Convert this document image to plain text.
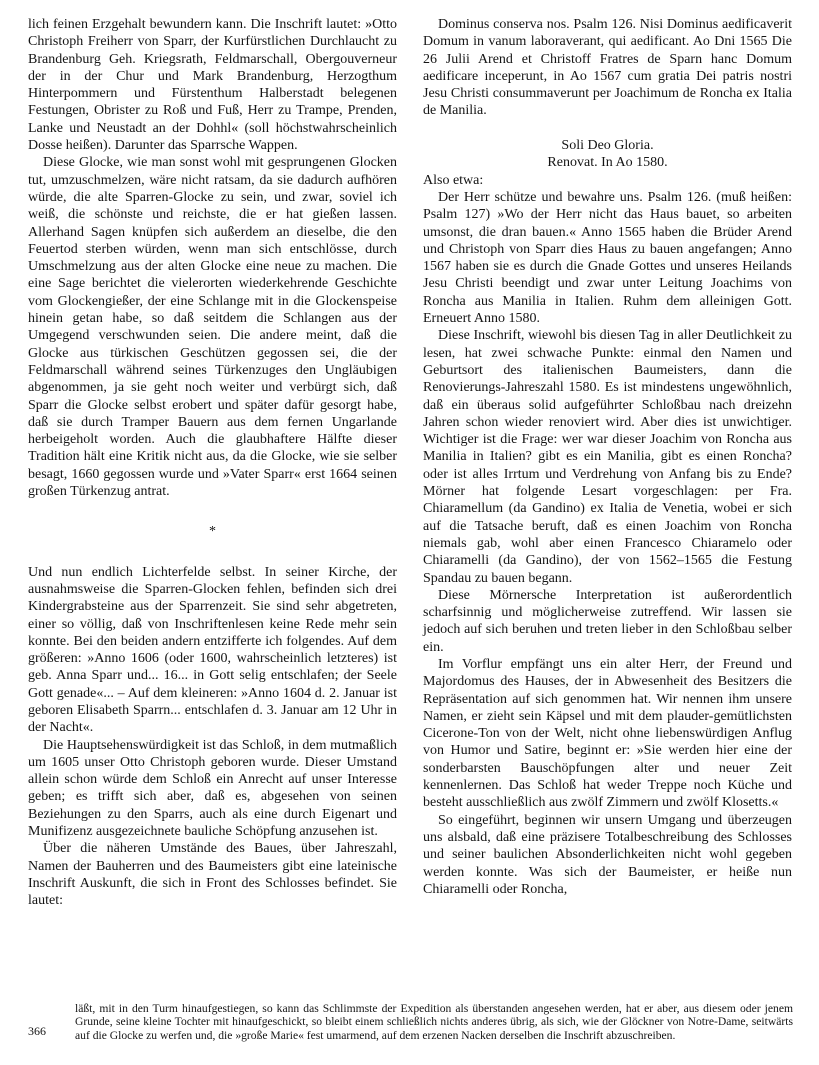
lich feinen Erzgehalt bewundern kann. Die Inschrift lautet: »Otto Christoph Freiherr von Sparr, der Kurfürstlichen Durchlaucht zu Brandenburg Geh. Kriegsrath, Feldmarschall, Obergouverneur der in der Chur und Mark Brandenburg, Herzogthum Hinterpommern und Fürstenthum Halberstadt belegenen Festungen, Obrister zu Roß und Fuß, Herr zu Trampe, Prenden, Lanke und Neustadt an der Dohhl« (soll höchstwahrscheinlich Dosse heißen). Darunter das Sparrsche Wappen.

Diese Glocke, wie man sonst wohl mit gesprungenen Glocken tut, umzuschmelzen, wäre nicht ratsam, da sie dadurch aufhören würde, die alte Sparren-Glocke zu sein, und zwar, soviel ich weiß, die schönste und reichste, die er hat gießen lassen. Allerhand Sagen knüpfen sich außerdem an dieselbe, die den Feuertod sterben würden, wenn man sich entschlösse, durch Umschmelzung aus der alten Glocke eine neue zu machen. Die eine Sage berichtet die vielerorten wiederkehrende Geschichte vom Glockengießer, der eine Schlange mit in die Glockenspeise hinein getan habe, so daß seitdem die Schlangen aus der Umgegend verschwunden seien. Die andere meint, daß die Glocke aus türkischen Geschützen gegossen sei, die der Feldmarschall während seines Türkenzuges den Ungläubigen abgenommen, ja sie geht noch weiter und verbürgt sich, daß Sparr die Glocke selbst erobert und später dafür gesorgt habe, daß sie durch Tramper Bauern aus dem fernen Ungarlande herbeigeholt worden. Auch die glaubhaftere Hälfte dieser Tradition hält eine Kritik nicht aus, da die Glocke, wie sie selber besagt, 1660 gegossen wurde und »Vater Sparr« erst 1664 seinen großen Türkenzug antrat.

*

Und nun endlich Lichterfelde selbst. In seiner Kirche, der ausnahmsweise die Sparren-Glocken fehlen, befinden sich drei Kindergrabsteine aus der Sparrenzeit. Sie sind sehr abgetreten, einer so völlig, daß von Inschriftenlesen keine Rede mehr sein konnte. Bei den beiden andern entzifferte ich folgendes. Auf dem größeren: »Anno 1606 (oder 1600, wahrscheinlich letzteres) ist geb. Anna Sparr und... 16... in Gott selig entschlafen; der Seele Gott genade«... – Auf dem kleineren: »Anno 1604 d. 2. Januar ist geboren Elisabeth Sparrn... entschlafen d. 3. Januar am 12 Uhr in der Nacht«.

Die Hauptsehenswürdigkeit ist das Schloß, in dem mutmaßlich um 1605 unser Otto Christoph geboren wurde. Dieser Umstand allein schon würde dem Schloß ein Anrecht auf unser Interesse geben; es trifft sich aber, daß es, abgesehen von seinen Beziehungen zu den Sparrs, auch als eine durch Eigenart und Munifizenz ausgezeichnete bauliche Schöpfung anzusehen ist.

Über die näheren Umstände des Baues, über Jahreszahl, Namen der Bauherren und des Baumeisters gibt eine lateinische Inschrift Auskunft, die sich in Front des Schlosses befindet. Sie lautet:

Dominus conserva nos. Psalm 126. Nisi Dominus aedificaverit Domum in vanum laboraverant, qui aedificant. Ao Dni 1565 Die 26 Julii Arend et Christoff Fratres de Sparn hanc Domum aedificare inceperunt, in Ao 1567 cum gratia Dei patris nostri Jesu Christi consummaverunt per Joachimum de Roncha ex Italia de Manilia.

Soli Deo Gloria.

Renovat. In Ao 1580.

Also etwa:

Der Herr schütze und bewahre uns. Psalm 126. (muß heißen: Psalm 127) »Wo der Herr nicht das Haus bauet, so arbeiten umsonst, die dran bauen.« Anno 1565 haben die Brüder Arend und Christoph von Sparr dies Haus zu bauen angefangen; Anno 1567 haben sie es durch die Gnade Gottes und unseres Heilands Jesu Christi beendigt und zwar unter Leitung Joachims von Roncha aus Manilia in Italien. Ruhm dem alleinigen Gott. Erneuert Anno 1580.

Diese Inschrift, wiewohl bis diesen Tag in aller Deutlichkeit zu lesen, hat zwei schwache Punkte: einmal den Namen und Geburtsort des italienischen Baumeisters, dann die Renovierungs-Jahreszahl 1580. Es ist mindestens ungewöhnlich, daß ein überaus solid aufgeführter Schloßbau nach dreizehn Jahren schon wieder renoviert wird. Aber dies ist unwichtiger. Wichtiger ist die Frage: wer war dieser Joachim von Roncha aus Manilia in Italien? gibt es ein Manilia, gibt es einen Roncha? oder ist alles Irrtum und Verdrehung von Anfang bis zu Ende? Mörner hat folgende Lesart vorgeschlagen: per Fra. Chiaramellum (da Gandino) ex Italia de Venetia, wobei er sich auf die Tatsache beruft, daß es einen Joachim von Roncha niemals gab, wohl aber einen Francesco Chiaramelo oder Chiaramelli (da Gandino), der von 1562–1565 die Festung Spandau zu bauen begann.

Diese Mörnersche Interpretation ist außerordentlich scharfsinnig und möglicherweise zutreffend. Wir lassen sie jedoch auf sich beruhen und treten lieber in den Schloßbau selber ein.

Im Vorflur empfängt uns ein alter Herr, der Freund und Majordomus des Hauses, der in Abwesenheit des Besitzers die Repräsentation auf sich genommen hat. Wir nennen ihm unsere Namen, er zieht sein Käpsel und mit dem plauder-gemütlichsten Cicerone-Ton von der Welt, nicht ohne liebenswürdigen Anflug von Humor und Satire, beginnt er: »Sie werden hier eine der sonderbarsten Bauschöpfungen alter und neuer Zeit kennenlernen. Das Schloß hat weder Treppe noch Küche und besteht ausschließlich aus zwölf Zimmern und zwölf Klosetts.«

So eingeführt, beginnen wir unsern Umgang und überzeugen uns alsbald, daß eine präzisere Totalbeschreibung des Schlosses und seiner baulichen Absonderlichkeiten nicht wohl gegeben werden konnte. Was sich der Baumeister, er heiße nun Chiaramelli oder Roncha,

läßt, mit in den Turm hinaufgestiegen, so kann das Schlimmste der Expedition als überstanden angesehen werden, hat er aber, aus diesem oder jenem Grunde, seine kleine Tochter mit hinaufgeschickt, so bleibt einem schließlich nichts anderes übrig, als sich, wie der Glöckner von Notre-Dame, seitwärts auf die Glocke zu werfen und, die »große Marie« fest umarmend, auf dem erzenen Nacken derselben die Inschrift abzuschreiben.
366
